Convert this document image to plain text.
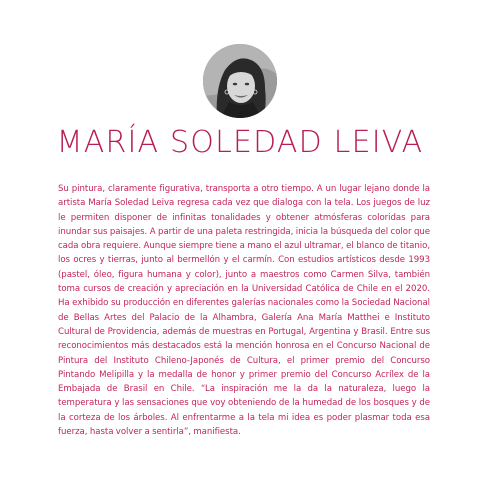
MARÍA SOLEDAD LEIVA

Su pintura, claramente figurativa, transporta a otro tiempo. A un lugar lejano donde la artista María Soledad Leiva regresa cada vez que dialoga con la tela. Los juegos de luz le permiten disponer de infinitas tonalidades y obtener atmósferas coloridas para inundar sus paisajes. A partir de una paleta restringida, inicia la búsqueda del color que cada obra requiere. Aunque siempre tiene a mano el azul ultramar, el blanco de titanio, los ocres y tierras, junto al bermellón y el carmín. Con estudios artísticos desde 1993 (pastel, óleo, figura humana y color), junto a maestros como Carmen Silva, también toma cursos de creación y apreciación en la Universidad Católica de Chile en el 2020. Ha exhibido su producción en diferentes galerías nacionales como la Sociedad Nacional de Bellas Artes del Palacio de la Alhambra, Galería Ana María Matthei e Instituto Cultural de Providencia, además de muestras en Portugal, Argentina y Brasil. Entre sus reconocimientos más destacados está la mención honrosa en el Concurso Nacional de Pintura del Instituto Chileno-Japonés de Cultura, el primer premio del Concurso Pintando Melipilla y la medalla de honor y primer premio del Concurso Acrílex de la Embajada de Brasil en Chile. “La inspiración me la da la naturaleza, luego la temperatura y las sensaciones que voy obteniendo de la humedad de los bosques y de la corteza de los árboles. Al enfrentarme a la tela mi idea es poder plasmar toda esa fuerza, hasta volver a sentirla”, manifiesta.
